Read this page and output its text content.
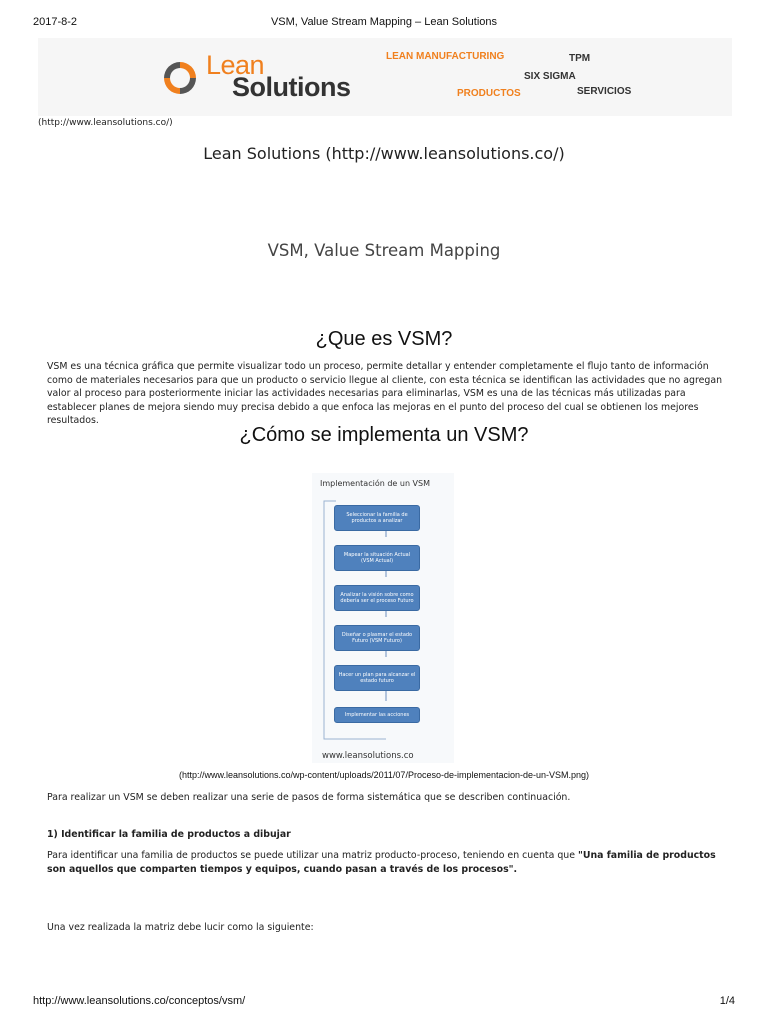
2017-8-2	VSM, Value Stream Mapping – Lean Solutions
Lean
Solutions
LEAN MANUFACTURING	TPM
SIX SIGMA
PRODUCTOS	SERVICIOS
(http://www.leansolutions.co/)
Lean Solutions (http://www.leansolutions.co/)
VSM, Value Stream Mapping
¿Que es VSM?

VSM es una técnica gráfica que permite visualizar todo un proceso, permite detallar y entender completamente el flujo tanto de información como de materiales necesarios para que un producto o servicio llegue al cliente, con esta técnica se identifican las actividades que no agregan valor al proceso para posteriormente iniciar las actividades necesarias para eliminarlas, VSM es una de las técnicas más utilizadas para establecer planes de mejora siendo muy precisa debido a que enfoca las mejoras en el punto del proceso del cual se obtienen los mejores resultados.

¿Cómo se implementa un VSM?
Implementación de un VSM
Seleccionar la familia de productos a analizar
Mapear la situación Actual (VSM Actual)
Analizar la visión sobre como debería ser el proceso Futuro
Diseñar o plasmar el estado Futuro (VSM Futuro)
Hacer un plan para alcanzar el estado futuro
Implementar las acciones
www.leansolutions.co
(http://www.leansolutions.co/wp-content/uploads/2011/07/Proceso-de-implementacion-de-un-VSM.png)

Para realizar un VSM se deben realizar una serie de pasos de forma sistemática que se describen continuación.

1) Identificar la familia de productos a dibujar

Para identificar una familia de productos se puede utilizar una matriz producto-proceso, teniendo en cuenta que "Una familia de productos son aquellos que comparten tiempos y equipos, cuando pasan a través de los procesos".

Una vez realizada la matriz debe lucir como la siguiente:

http://www.leansolutions.co/conceptos/vsm/	1/4
